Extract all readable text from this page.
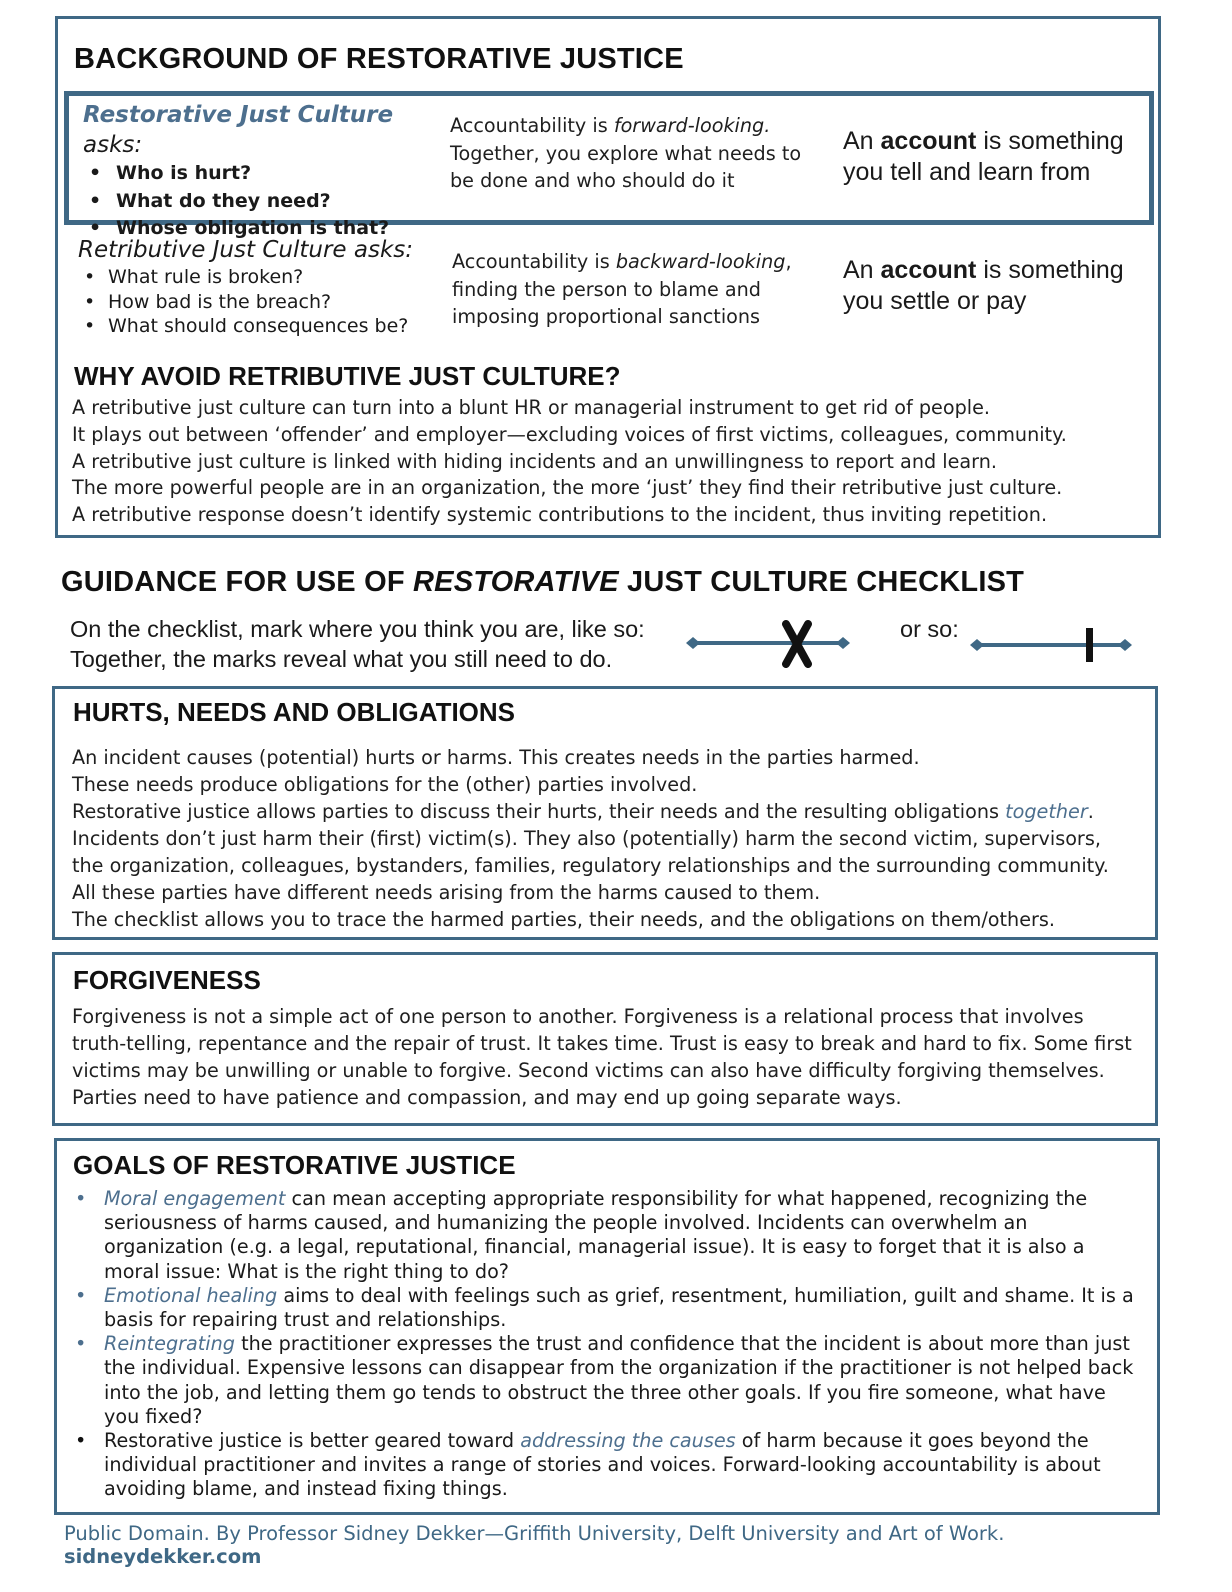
BACKGROUND OF RESTORATIVE JUSTICE
Restorative Just Culture asks:
• Who is hurt?
• What do they need?
• Whose obligation is that?
Accountability is forward-looking. Together, you explore what needs to be done and who should do it
An account is something you tell and learn from
Retributive Just Culture asks:
• What rule is broken?
• How bad is the breach?
• What should consequences be?
Accountability is backward-looking, finding the person to blame and imposing proportional sanctions
An account is something you settle or pay
WHY AVOID RETRIBUTIVE JUST CULTURE?

A retributive just culture can turn into a blunt HR or managerial instrument to get rid of people.

It plays out between ‘offender’ and employer—excluding voices of first victims, colleagues, community.

A retributive just culture is linked with hiding incidents and an unwillingness to report and learn.

The more powerful people are in an organization, the more ‘just’ they find their retributive just culture.

A retributive response doesn’t identify systemic contributions to the incident, thus inviting repetition.

GUIDANCE FOR USE OF RESTORATIVE JUST CULTURE CHECKLIST
On the checklist, mark where you think you are, like so:
Together, the marks reveal what you still need to do.
or so:
HURTS, NEEDS AND OBLIGATIONS

An incident causes (potential) hurts or harms. This creates needs in the parties harmed.

These needs produce obligations for the (other) parties involved.

Restorative justice allows parties to discuss their hurts, their needs and the resulting obligations together.

Incidents don’t just harm their (first) victim(s). They also (potentially) harm the second victim, supervisors, the organization, colleagues, bystanders, families, regulatory relationships and the surrounding community. All these parties have different needs arising from the harms caused to them.

The checklist allows you to trace the harmed parties, their needs, and the obligations on them/others.

FORGIVENESS
Forgiveness is not a simple act of one person to another. Forgiveness is a relational process that involves truth-telling, repentance and the repair of trust. It takes time. Trust is easy to break and hard to fix. Some first victims may be unwilling or unable to forgive. Second victims can also have difficulty forgiving themselves. Parties need to have patience and compassion, and may end up going separate ways.
GOALS OF RESTORATIVE JUSTICE
• Moral engagement can mean accepting appropriate responsibility for what happened, recognizing the seriousness of harms caused, and humanizing the people involved. Incidents can overwhelm an organization (e.g. a legal, reputational, financial, managerial issue). It is easy to forget that it is also a moral issue: What is the right thing to do?
• Emotional healing aims to deal with feelings such as grief, resentment, humiliation, guilt and shame. It is a basis for repairing trust and relationships.
• Reintegrating the practitioner expresses the trust and confidence that the incident is about more than just the individual. Expensive lessons can disappear from the organization if the practitioner is not helped back into the job, and letting them go tends to obstruct the three other goals. If you fire someone, what have you fixed?
• Restorative justice is better geared toward addressing the causes of harm because it goes beyond the individual practitioner and invites a range of stories and voices. Forward-looking accountability is about avoiding blame, and instead fixing things.
Public Domain. By Professor Sidney Dekker—Griffith University, Delft University and Art of Work. sidneydekker.com
